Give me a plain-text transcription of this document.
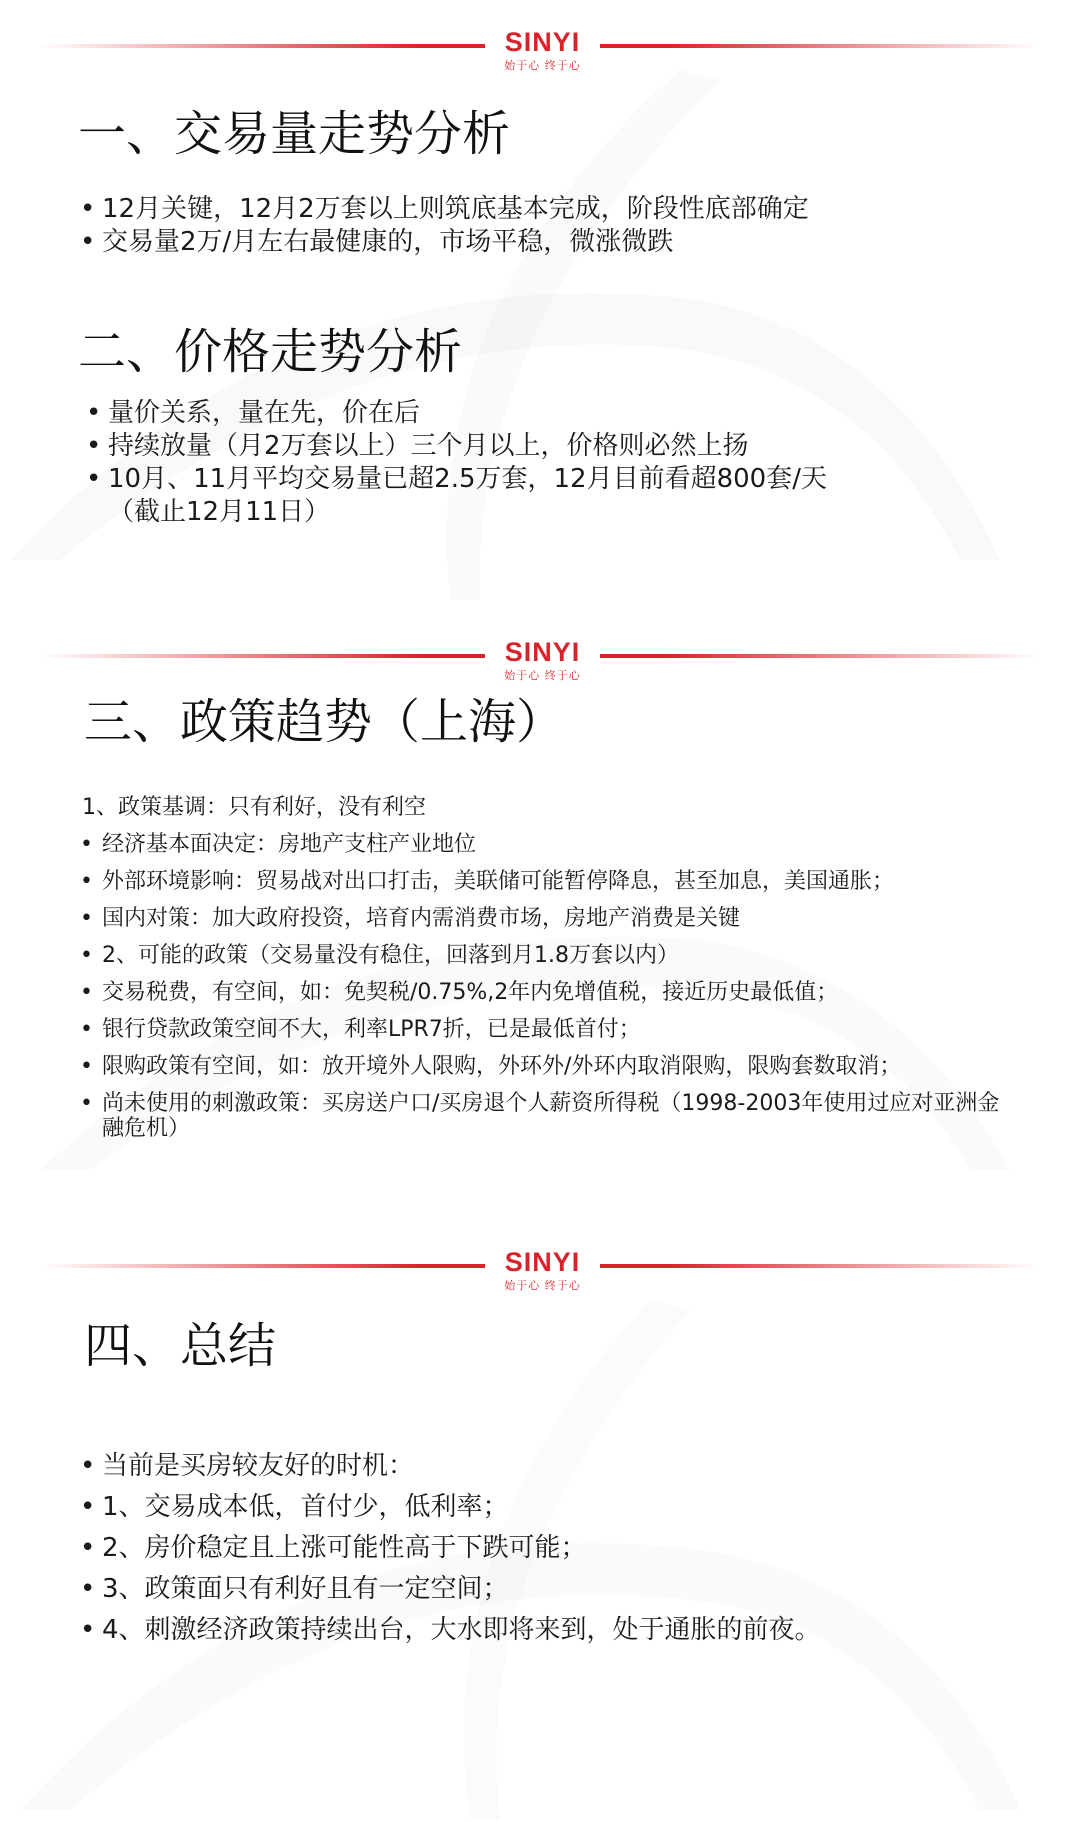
SINYI
始于心 终于心
一、交易量走势分析
• 12月关键，12月2万套以上则筑底基本完成，阶段性底部确定
• 交易量2万/月左右最健康的，市场平稳，微涨微跌
二、价格走势分析
• 量价关系，量在先，价在后
• 持续放量（月2万套以上）三个月以上，价格则必然上扬
• 10月、11月平均交易量已超2.5万套，12月目前看超800套/天
（截止12月11日）
SINYI
始于心 终于心
三、政策趋势（上海）
1、政策基调：只有利好，没有利空
• 经济基本面决定：房地产支柱产业地位
• 外部环境影响：贸易战对出口打击，美联储可能暂停降息，甚至加息，美国通胀；
• 国内对策：加大政府投资，培育内需消费市场，房地产消费是关键
• 2、可能的政策（交易量没有稳住，回落到月1.8万套以内）
• 交易税费，有空间，如：免契税/0.75%,2年内免增值税，接近历史最低值；
• 银行贷款政策空间不大，利率LPR7折，已是最低首付；
• 限购政策有空间，如：放开境外人限购，外环外/外环内取消限购，限购套数取消；
• 尚未使用的刺激政策：买房送户口/买房退个人薪资所得税（1998-2003年使用过应对亚洲金融危机）
SINYI
始于心 终于心
四、总结
• 当前是买房较友好的时机：
• 1、交易成本低，首付少，低利率；
• 2、房价稳定且上涨可能性高于下跌可能；
• 3、政策面只有利好且有一定空间；
• 4、刺激经济政策持续出台，大水即将来到，处于通胀的前夜。
